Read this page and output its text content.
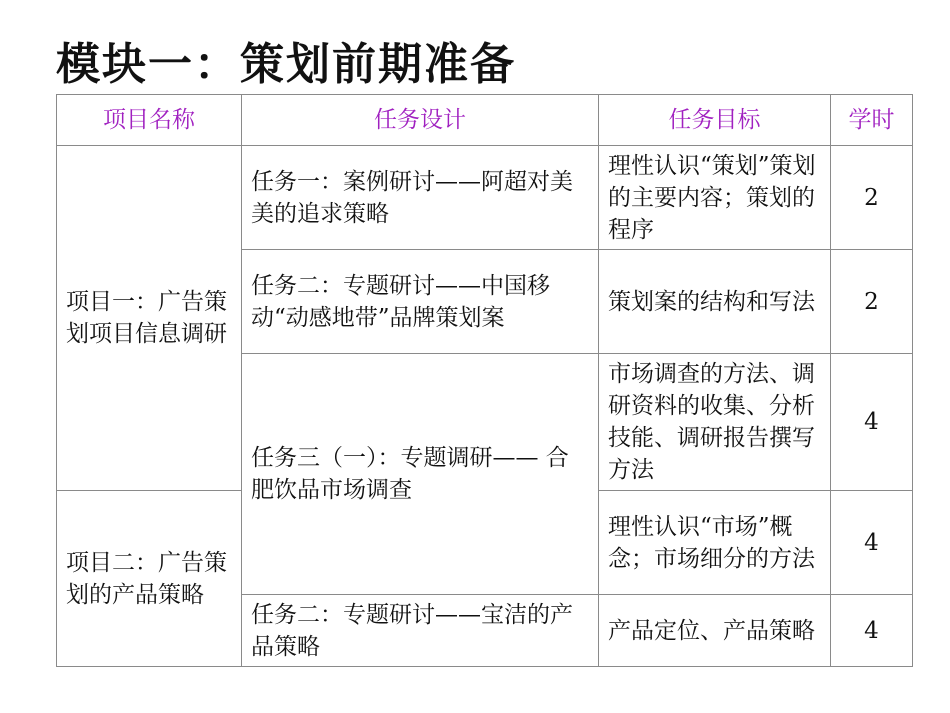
模块一：策划前期准备
项目名称	任务设计	任务目标	学时
项目一：广告策划项目信息调研	任务一：案例研讨——阿超对美美的追求策略	理性认识“策划”策划的主要内容；策划的程序	2
	任务二：专题研讨——中国移动“动感地带”品牌策划案	策划案的结构和写法	2
	任务三（一）：专题调研—— 合肥饮品市场调查	市场调查的方法、调研资料的收集、分析技能、调研报告撰写方法	4
项目二：广告策划的产品策略		理性认识“市场”概念；市场细分的方法	4
	任务二：专题研讨——宝洁的产品策略	产品定位、产品策略	4
